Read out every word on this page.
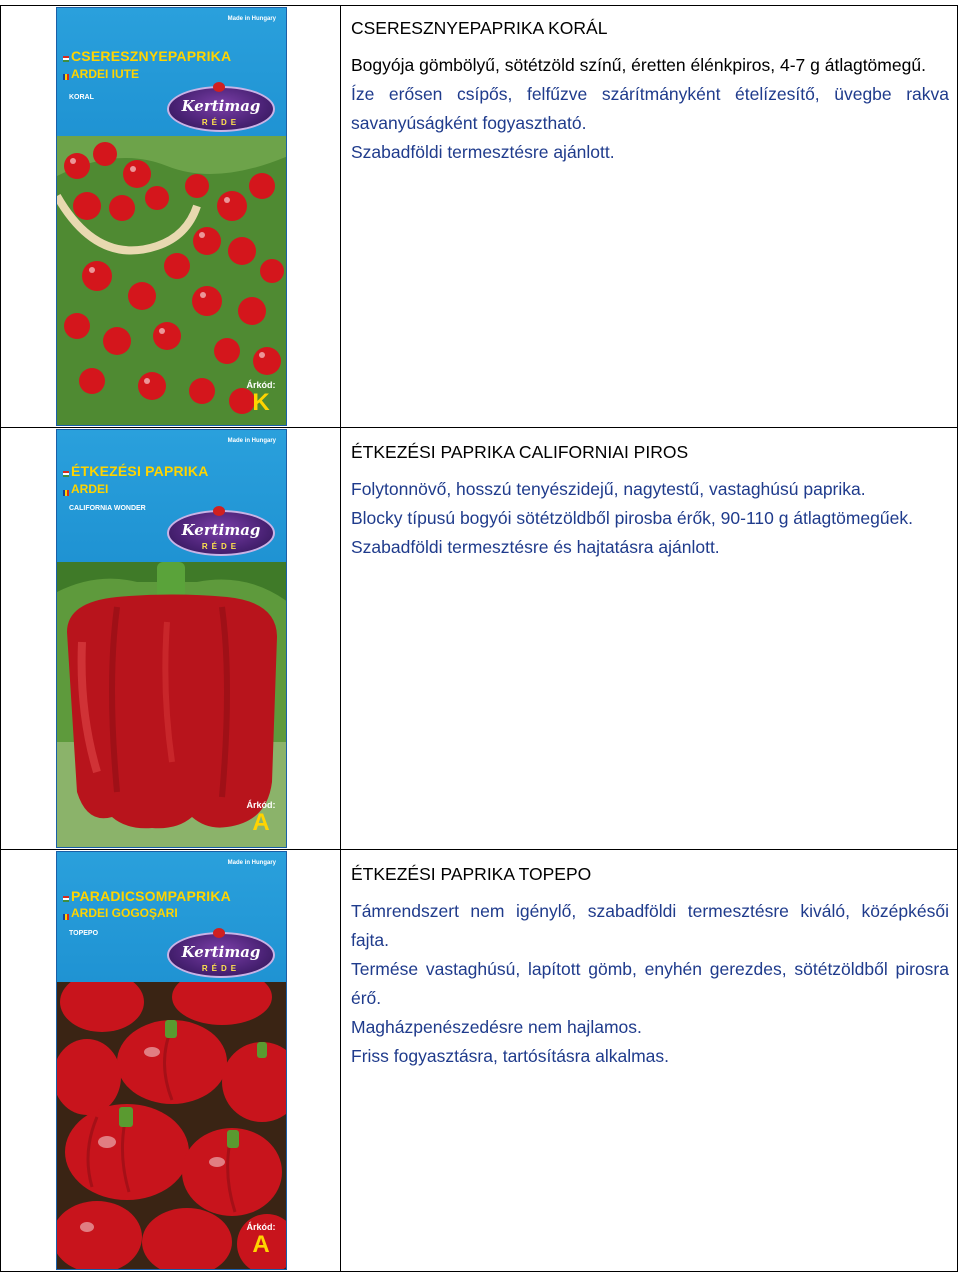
Made in Hungary
CSERESZNYEPAPRIKA
ARDEI IUTE
KORAL	Kertimag
RÉDE
Árkód:
K

CSERESZNYEPAPRIKA KORÁL

Bogyója gömbölyű, sötétzöld színű, éretten élénkpiros, 4-7 g átlagtömegű.

Íze erősen csípős, felfűzve szárítmányként ételízesítő, üvegbe rakva savanyúságként fogyasztható.

Szabadföldi termesztésre ajánlott.

Made in Hungary
ÉTKEZÉSI PAPRIKA
ARDEI
CALIFORNIA WONDER
Kertimag
RÉDE
Árkód:
A

ÉTKEZÉSI PAPRIKA CALIFORNIAI PIROS

Folytonnövő, hosszú tenyészidejű, nagytestű, vastaghúsú paprika.

Blocky típusú bogyói sötétzöldből pirosba érők, 90-110 g átlagtömegűek.

Szabadföldi termesztésre és hajtatásra ajánlott.

Made in Hungary
PARADICSOMPAPRIKA
ARDEI GOGOŞARI
TOPEPO
Kertimag
RÉDE
Árkód:
A

ÉTKEZÉSI PAPRIKA TOPEPO

Támrendszert nem igénylő, szabadföldi termesztésre kiváló, középkésői fajta.

Termése vastaghúsú, lapított gömb, enyhén gerezdes, sötétzöldből pirosra érő.

Magházpenészedésre nem hajlamos.

Friss fogyasztásra, tartósításra alkalmas.
